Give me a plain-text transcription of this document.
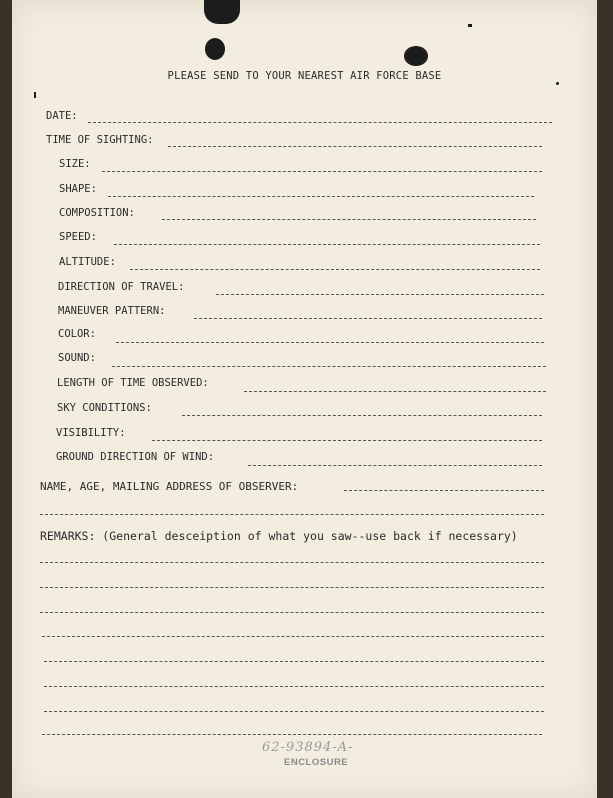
PLEASE SEND TO YOUR NEAREST AIR FORCE BASE
DATE:
TIME OF SIGHTING:
SIZE:
SHAPE:
COMPOSITION:
SPEED:
ALTITUDE:
DIRECTION OF TRAVEL:
MANEUVER PATTERN:
COLOR:
SOUND:
LENGTH OF TIME OBSERVED:
SKY CONDITIONS:
VISIBILITY:
GROUND DIRECTION OF WIND:
NAME, AGE, MAILING ADDRESS OF OBSERVER:
REMARKS: (General desceiption of what you saw--use back if necessary)
62-93894-A-
ENCLOSURE
